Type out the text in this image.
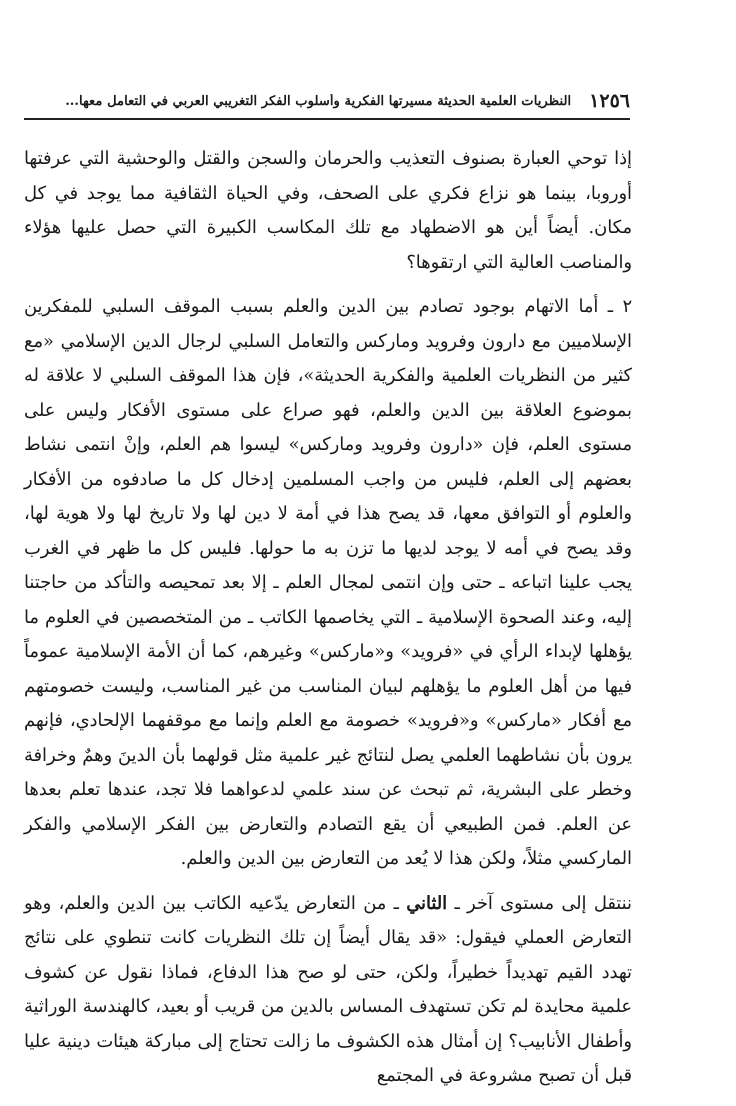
١٢٥٦
النظريات العلمية الحديثة مسيرتها الفكرية وأسلوب الفكر التغريبي العربي في التعامل معها...

إذا توحي العبارة بصنوف التعذيب والحرمان والسجن والقتل والوحشية التي عرفتها أوروبا، بينما هو نزاع فكري على الصحف، وفي الحياة الثقافية مما يوجد في كل مكان. أيضاً أين هو الاضطهاد مع تلك المكاسب الكبيرة التي حصل عليها هؤلاء والمناصب العالية التي ارتقوها؟

٢ ـ أما الاتهام بوجود تصادم بين الدين والعلم بسبب الموقف السلبي للمفكرين الإسلاميين مع دارون وفرويد وماركس والتعامل السلبي لرجال الدين الإسلامي «مع كثير من النظريات العلمية والفكرية الحديثة»، فإن هذا الموقف السلبي لا علاقة له بموضوع العلاقة بين الدين والعلم، فهو صراع على مستوى الأفكار وليس على مستوى العلم، فإن «دارون وفرويد وماركس» ليسوا هم العلم، وإنْ انتمى نشاط بعضهم إلى العلم، فليس من واجب المسلمين إدخال كل ما صادفوه من الأفكار والعلوم أو التوافق معها، قد يصح هذا في أمة لا دين لها ولا تاريخ لها ولا هوية لها، وقد يصح في أمه لا يوجد لديها ما تزن به ما حولها. فليس كل ما ظهر في الغرب يجب علينا اتباعه ـ حتى وإن انتمى لمجال العلم ـ إلا بعد تمحيصه والتأكد من حاجتنا إليه، وعند الصحوة الإسلامية ـ التي يخاصمها الكاتب ـ من المتخصصين في العلوم ما يؤهلها لإبداء الرأي في «فرويد» و«ماركس» وغيرهم، كما أن الأمة الإسلامية عموماً فيها من أهل العلوم ما يؤهلهم لبيان المناسب من غير المناسب، وليست خصومتهم مع أفكار «ماركس» و«فرويد» خصومة مع العلم وإنما مع موقفهما الإلحادي، فإنهم يرون بأن نشاطهما العلمي يصل لنتائج غير علمية مثل قولهما بأن الدينَ وهمٌ وخرافة وخطر على البشرية، ثم تبحث عن سند علمي لدعواهما فلا تجد، عندها تعلم بعدها عن العلم. فمن الطبيعي أن يقع التصادم والتعارض بين الفكر الإسلامي والفكر الماركسي مثلاً، ولكن هذا لا يُعد من التعارض بين الدين والعلم.

ننتقل إلى مستوى آخر ـ الثاني ـ من التعارض يدّعيه الكاتب بين الدين والعلم، وهو التعارض العملي فيقول: «قد يقال أيضاً إن تلك النظريات كانت تنطوي على نتائج تهدد القيم تهديداً خطيراً، ولكن، حتى لو صح هذا الدفاع، فماذا نقول عن كشوف علمية محايدة لم تكن تستهدف المساس بالدين من قريب أو بعيد، كالهندسة الوراثية وأطفال الأنابيب؟ إن أمثال هذه الكشوف ما زالت تحتاج إلى مباركة هيئات دينية عليا قبل أن تصبح مشروعة في المجتمع
